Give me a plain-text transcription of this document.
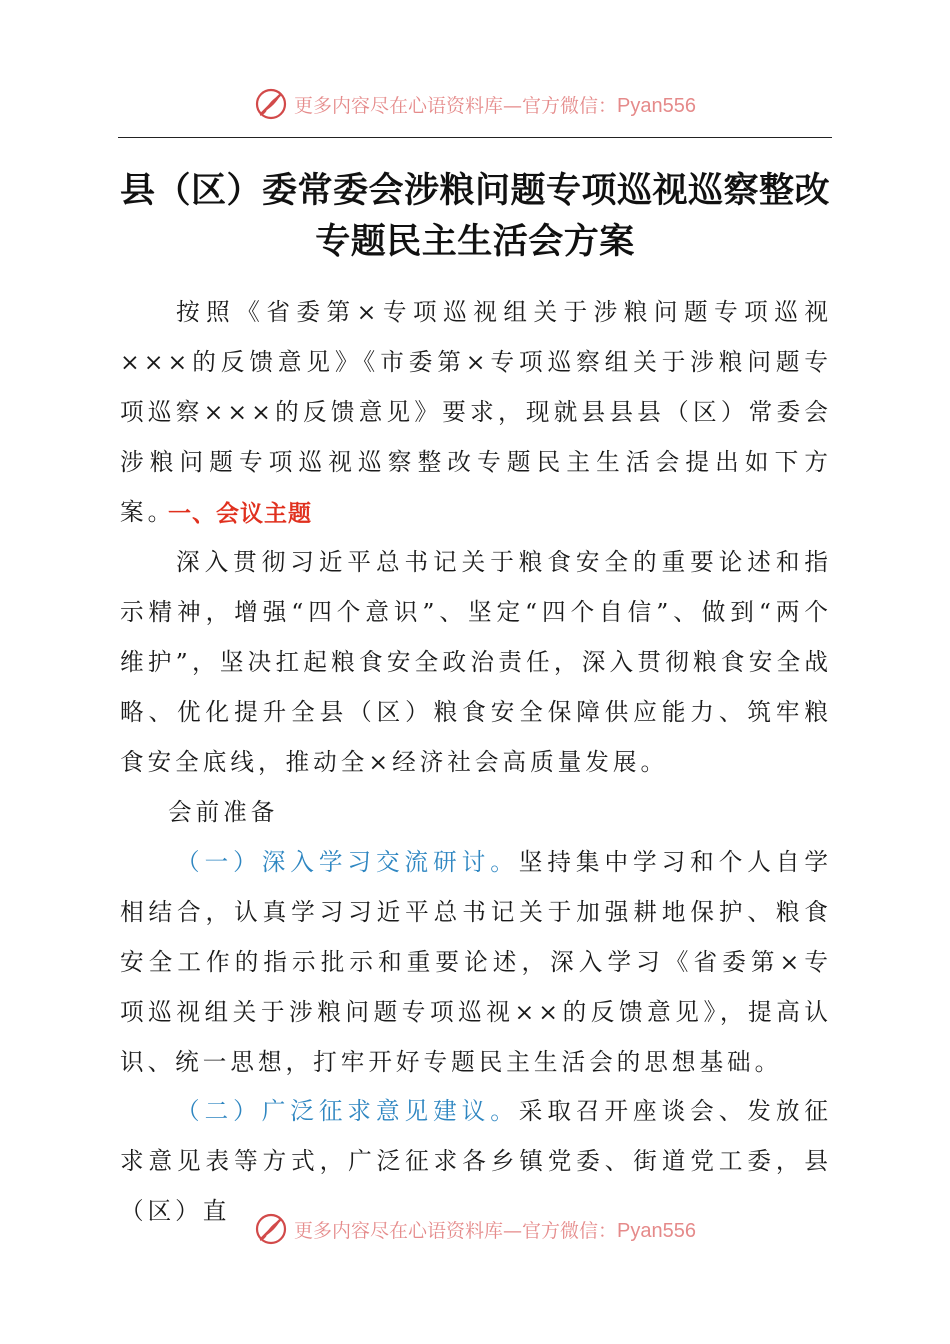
更多内容尽在心语资料库—官方微信：Pyan556
县（区）委常委会涉粮问题专项巡视巡察整改
专题民主生活会方案
按照《省委第×专项巡视组关于涉粮问题专项巡视×××的反馈意见》《市委第×专项巡察组关于涉粮问题专项巡察×××的反馈意见》要求，现就县县县（区）常委会涉粮问题专项巡视巡察整改专题民主生活会提出如下方案。
一、会议主题
深入贯彻习近平总书记关于粮食安全的重要论述和指示精神，增强“四个意识”、坚定“四个自信”、做到“两个维护”，坚决扛起粮食安全政治责任，深入贯彻粮食安全战略、优化提升全县（区）粮食安全保障供应能力、筑牢粮食安全底线，推动全×经济社会高质量发展。
会前准备
（一）深入学习交流研讨。坚持集中学习和个人自学相结合，认真学习习近平总书记关于加强耕地保护、粮食安全工作的指示批示和重要论述，深入学习《省委第×专项巡视组关于涉粮问题专项巡视××的反馈意见》，提高认识、统一思想，打牢开好专题民主生活会的思想基础。
（二）广泛征求意见建议。采取召开座谈会、发放征求意见表等方式，广泛征求各乡镇党委、街道党工委，县（区）直
更多内容尽在心语资料库—官方微信：Pyan556
